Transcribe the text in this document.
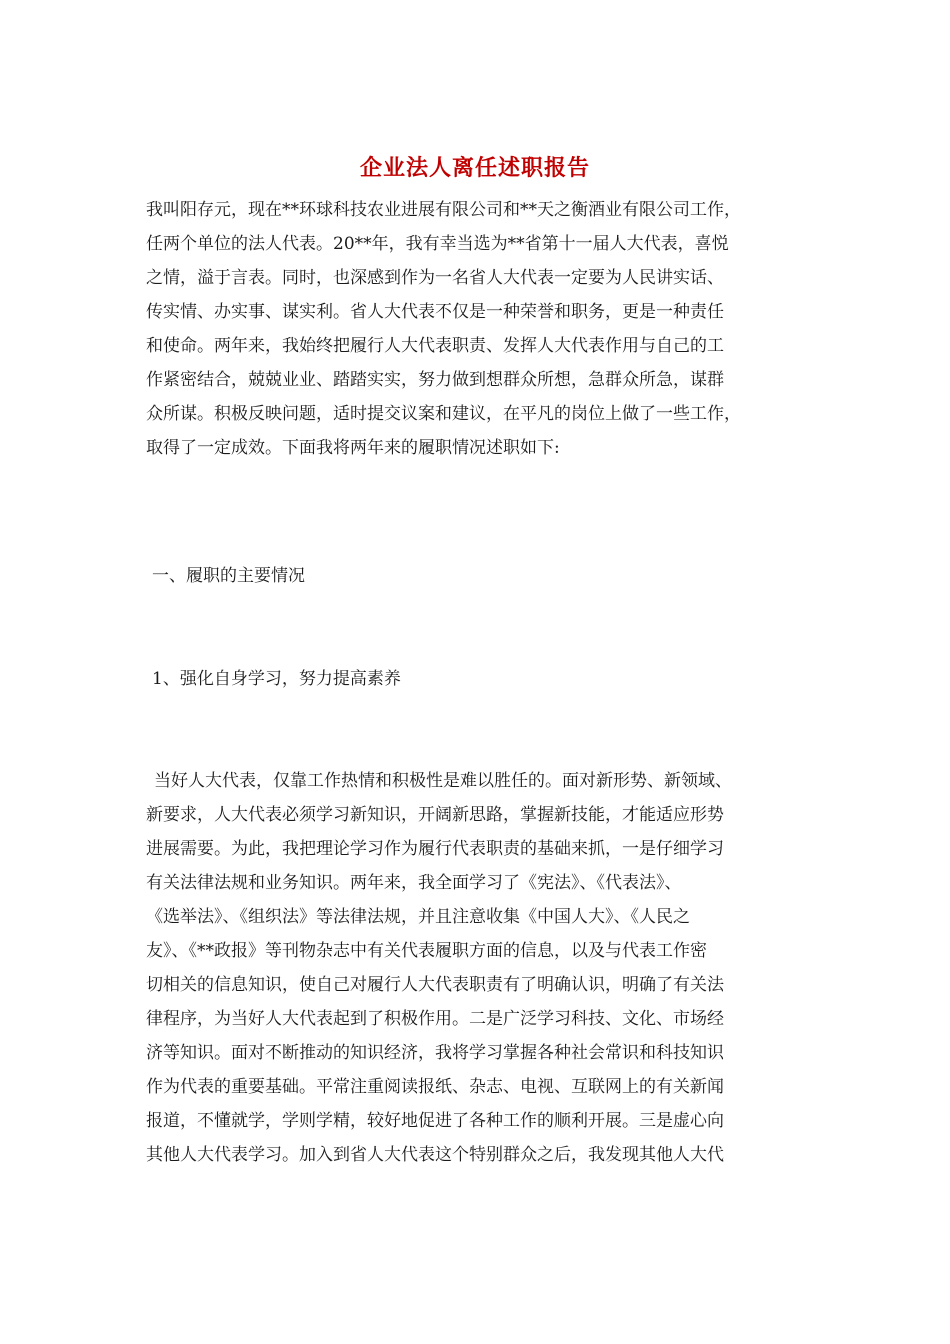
企业法人离任述职报告
我叫阳存元，现在**环球科技农业进展有限公司和**天之衡酒业有限公司工作，
任两个单位的法人代表。20**年，我有幸当选为**省第十一届人大代表，喜悦
之情，溢于言表。同时，也深感到作为一名省人大代表一定要为人民讲实话、
传实情、办实事、谋实利。省人大代表不仅是一种荣誉和职务，更是一种责任
和使命。两年来，我始终把履行人大代表职责、发挥人大代表作用与自己的工
作紧密结合，兢兢业业、踏踏实实，努力做到想群众所想，急群众所急，谋群
众所谋。积极反映问题，适时提交议案和建议，在平凡的岗位上做了一些工作，
取得了一定成效。下面我将两年来的履职情况述职如下:
一、履职的主要情况
1、强化自身学习，努力提高素养
当好人大代表，仅靠工作热情和积极性是难以胜任的。面对新形势、新领域、
新要求，人大代表必须学习新知识，开阔新思路，掌握新技能，才能适应形势
进展需要。为此，我把理论学习作为履行代表职责的基础来抓，一是仔细学习
有关法律法规和业务知识。两年来，我全面学习了《宪法》、《代表法》、
《选举法》、《组织法》等法律法规，并且注意收集《中国人大》、《人民之
友》、《**政报》等刊物杂志中有关代表履职方面的信息，以及与代表工作密
切相关的信息知识，使自己对履行人大代表职责有了明确认识，明确了有关法
律程序，为当好人大代表起到了积极作用。二是广泛学习科技、文化、市场经
济等知识。面对不断推动的知识经济，我将学习掌握各种社会常识和科技知识
作为代表的重要基础。平常注重阅读报纸、杂志、电视、互联网上的有关新闻
报道，不懂就学，学则学精，较好地促进了各种工作的顺利开展。三是虚心向
其他人大代表学习。加入到省人大代表这个特别群众之后，我发现其他人大代
